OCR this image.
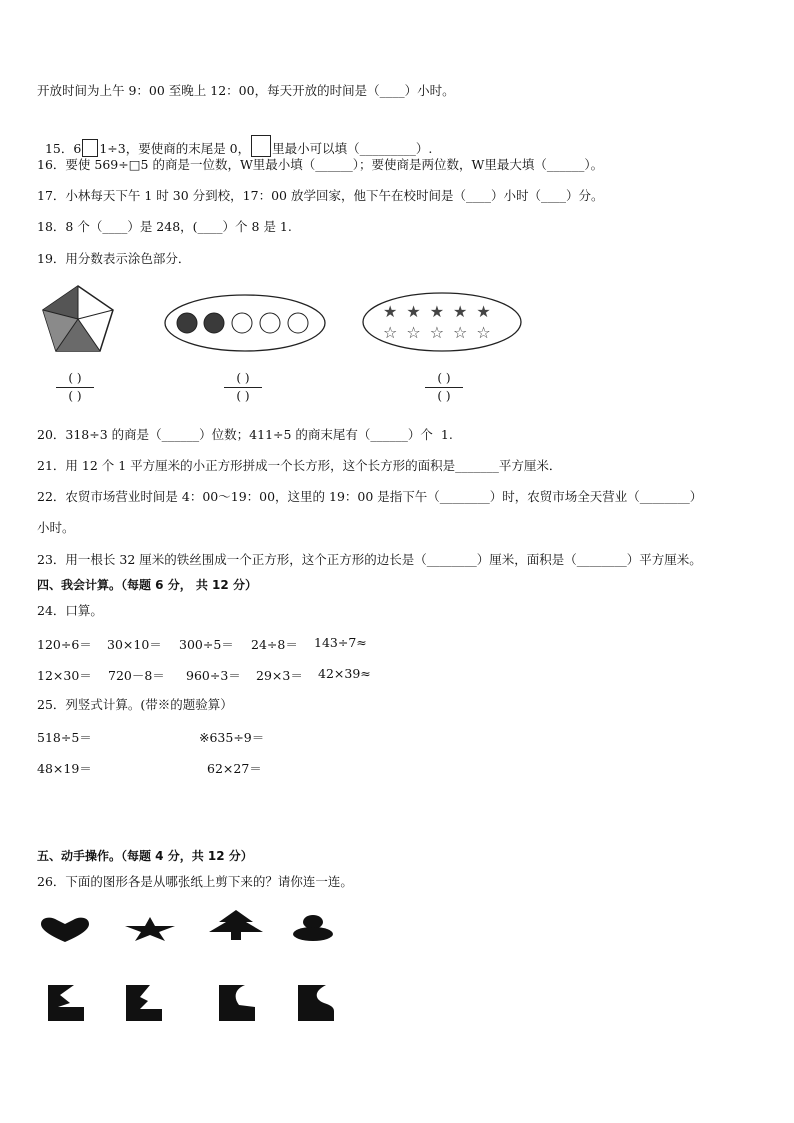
开放时间为上午 9：00 至晚上 12：00，每天开放的时间是（____）小时。

15．6 1÷3，要使商的末尾是 0， 里最小可以填（_________）.

16．要使 569÷□5 的商是一位数，W里最小填（______）；要使商是两位数，W里最大填（______）。
17．小林每天下午 1 时 30 分到校，17：00 放学回家，他下午在校时间是（____）小时（____）分。
18．8 个（____）是 248，(____）个 8 是 1.
19．用分数表示涂色部分．
★★★★★
☆☆☆☆☆
( )
( )
( )
( )
( )
( )
20．318÷3 的商是（______）位数；411÷5 的商末尾有（______）个  1.
21．用 12 个 1 平方厘米的小正方形拼成一个长方形，这个长方形的面积是_______平方厘米．
22．农贸市场营业时间是 4：00～19：00，这里的 19：00 是指下午（________）时，农贸市场全天营业（________）
小时。
23．用一根长 32 厘米的铁丝围成一个正方形，这个正方形的边长是（________）厘米，面积是（________）平方厘米。
四、我会计算。（每题 6 分， 共 12 分）
24．口算。
120÷6＝ 30×10＝ 300÷5＝ 24÷8＝ 143÷7≈
12×30＝ 720－8＝ 960÷3＝ 29×3＝ 42×39≈
25．列竖式计算。(带※的题验算）
518÷5＝	※635÷9＝
48×19＝	62×27＝
五、动手操作。（每题 4 分，共 12 分）
26．下面的图形各是从哪张纸上剪下来的？请你连一连。
